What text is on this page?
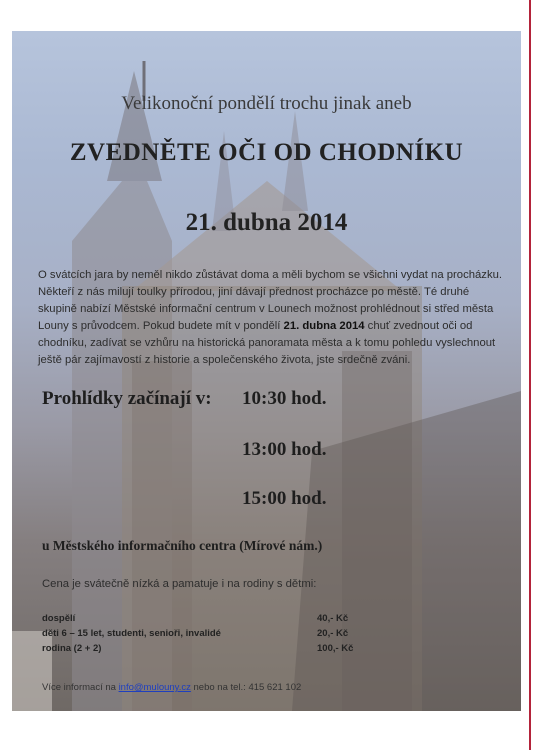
Velikonoční pondělí trochu jinak aneb
ZVEDNĚTE OČI OD CHODNÍKU
21. dubna 2014
O svátcích jara by neměl nikdo zůstávat doma a měli bychom se všichni vydat na procházku. Někteří z nás milují toulky přírodou, jiní dávají přednost procházce po městě. Té druhé skupině nabízí Městské informační centrum v Lounech možnost prohlédnout si střed města Louny s průvodcem. Pokud budete mít v pondělí 21. dubna 2014 chuť zvednout oči od chodníku, zadívat se vzhůru na historická panoramata města a k tomu pohledu vyslechnout ještě pár zajímavostí z historie a společenského života, jste srdečně zváni.
Prohlídky začínají v: 10:30 hod.
13:00 hod.
15:00 hod.
u Městského informačního centra (Mírové nám.)
Cena je svátečně nízká a pamatuje i na rodiny s dětmi:
dospělí	40,- Kč
děti 6 – 15 let, studenti, senioři, invalidé	20,- Kč
rodina (2 + 2)	100,- Kč
Více informací na info@mulouny.cz nebo na tel.: 415 621 102
